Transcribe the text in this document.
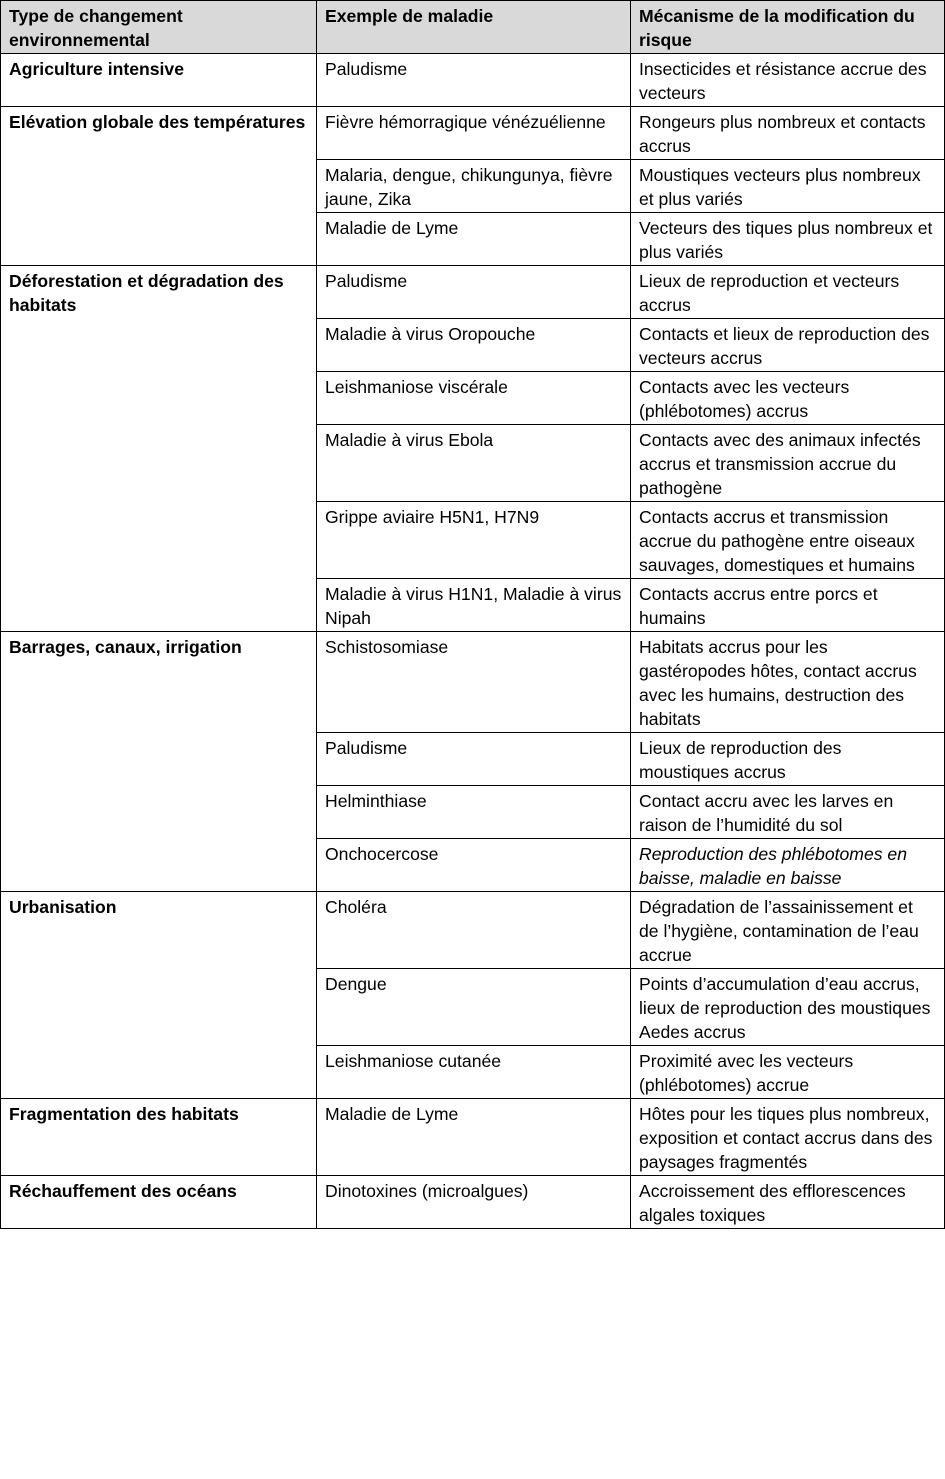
Type de changement environnemental	Exemple de maladie	Mécanisme de la modification du risque
Agriculture intensive	Paludisme	Insecticides et résistance accrue des vecteurs
Elévation globale des températures	Fièvre hémorragique vénézuélienne	Rongeurs plus nombreux et contacts accrus
	Malaria, dengue, chikungunya, fièvre jaune, Zika	Moustiques vecteurs plus nombreux et plus variés
	Maladie de Lyme	Vecteurs des tiques plus nombreux et plus variés
Déforestation et dégradation des habitats	Paludisme	Lieux de reproduction et vecteurs accrus
	Maladie à virus Oropouche	Contacts et lieux de reproduction des vecteurs accrus
	Leishmaniose viscérale	Contacts avec les vecteurs (phlébotomes) accrus
	Maladie à virus Ebola	Contacts avec des animaux infectés accrus et transmission accrue du pathogène
	Grippe aviaire H5N1, H7N9	Contacts accrus et transmission accrue du pathogène entre oiseaux sauvages, domestiques et humains
	Maladie à virus H1N1, Maladie à virus Nipah	Contacts accrus entre porcs et humains
Barrages, canaux, irrigation	Schistosomiase	Habitats accrus pour les gastéropodes hôtes, contact accrus avec les humains, destruction des habitats
	Paludisme	Lieux de reproduction des moustiques accrus
	Helminthiase	Contact accru avec les larves en raison de l’humidité du sol
	Onchocercose	Reproduction des phlébotomes en baisse, maladie en baisse
Urbanisation	Choléra	Dégradation de l’assainissement et de l’hygiène, contamination de l’eau accrue
	Dengue	Points d’accumulation d’eau accrus, lieux de reproduction des moustiques Aedes accrus
	Leishmaniose cutanée	Proximité avec les vecteurs (phlébotomes) accrue
Fragmentation des habitats	Maladie de Lyme	Hôtes pour les tiques plus nombreux, exposition et contact accrus dans des paysages fragmentés
Réchauffement des océans	Dinotoxines (microalgues)	Accroissement des efflorescences algales toxiques
